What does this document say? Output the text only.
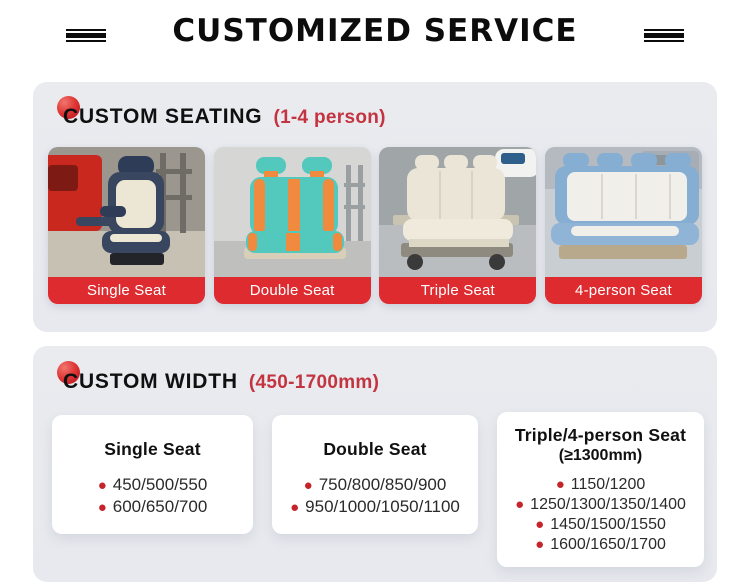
CUSTOMIZED SERVICE
CUSTOM SEATING (1-4 person)
Single Seat	Double Seat	Triple Seat	4-person Seat
CUSTOM WIDTH (450-1700mm)
Single Seat
● 450/500/550
● 600/650/700
Double Seat
● 750/800/850/900
● 950/1000/1050/1100
Triple/4-person Seat
(≥1300mm)
● 1150/1200
● 1250/1300/1350/1400
● 1450/1500/1550
● 1600/1650/1700
